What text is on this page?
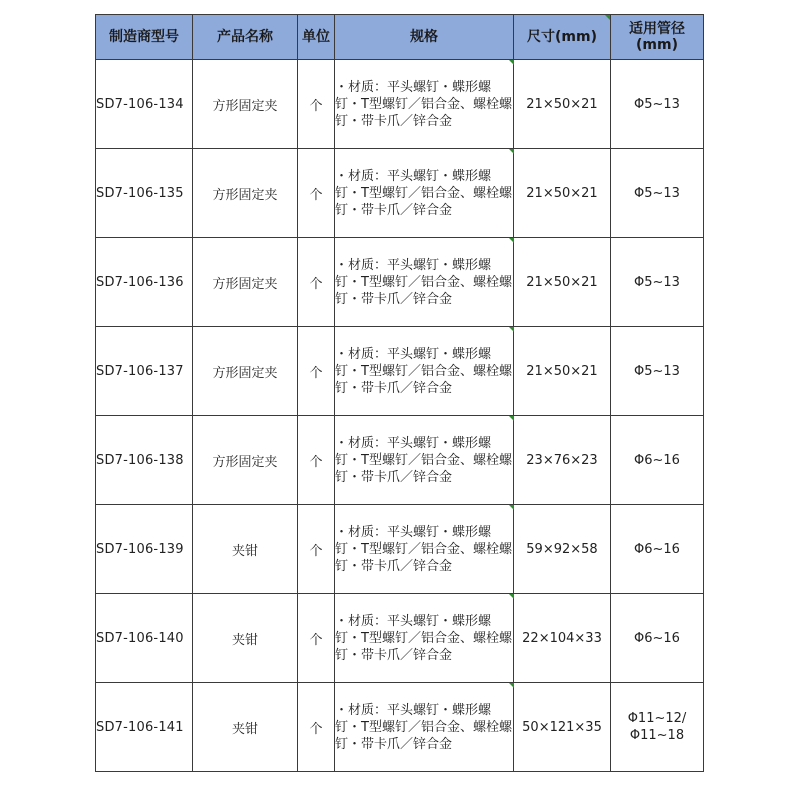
制造商型号	产品名称	单位	规格	尺寸(mm)	适用管径
(mm)
SD7-106-134	方形固定夹	个	・材质：平头螺钉・蝶形螺钉・T型螺钉／铝合金、螺栓螺钉・带卡爪／锌合金	21×50×21	Φ5~13
SD7-106-135	方形固定夹	个	・材质：平头螺钉・蝶形螺钉・T型螺钉／铝合金、螺栓螺钉・带卡爪／锌合金	21×50×21	Φ5~13
SD7-106-136	方形固定夹	个	・材质：平头螺钉・蝶形螺钉・T型螺钉／铝合金、螺栓螺钉・带卡爪／锌合金	21×50×21	Φ5~13
SD7-106-137	方形固定夹	个	・材质：平头螺钉・蝶形螺钉・T型螺钉／铝合金、螺栓螺钉・带卡爪／锌合金	21×50×21	Φ5~13
SD7-106-138	方形固定夹	个	・材质：平头螺钉・蝶形螺钉・T型螺钉／铝合金、螺栓螺钉・带卡爪／锌合金	23×76×23	Φ6~16
SD7-106-139	夹钳	个	・材质：平头螺钉・蝶形螺钉・T型螺钉／铝合金、螺栓螺钉・带卡爪／锌合金	59×92×58	Φ6~16
SD7-106-140	夹钳	个	・材质：平头螺钉・蝶形螺钉・T型螺钉／铝合金、螺栓螺钉・带卡爪／锌合金	22×104×33	Φ6~16
SD7-106-141	夹钳	个	・材质：平头螺钉・蝶形螺钉・T型螺钉／铝合金、螺栓螺钉・带卡爪／锌合金	50×121×35	Φ11~12/
Φ11~18
